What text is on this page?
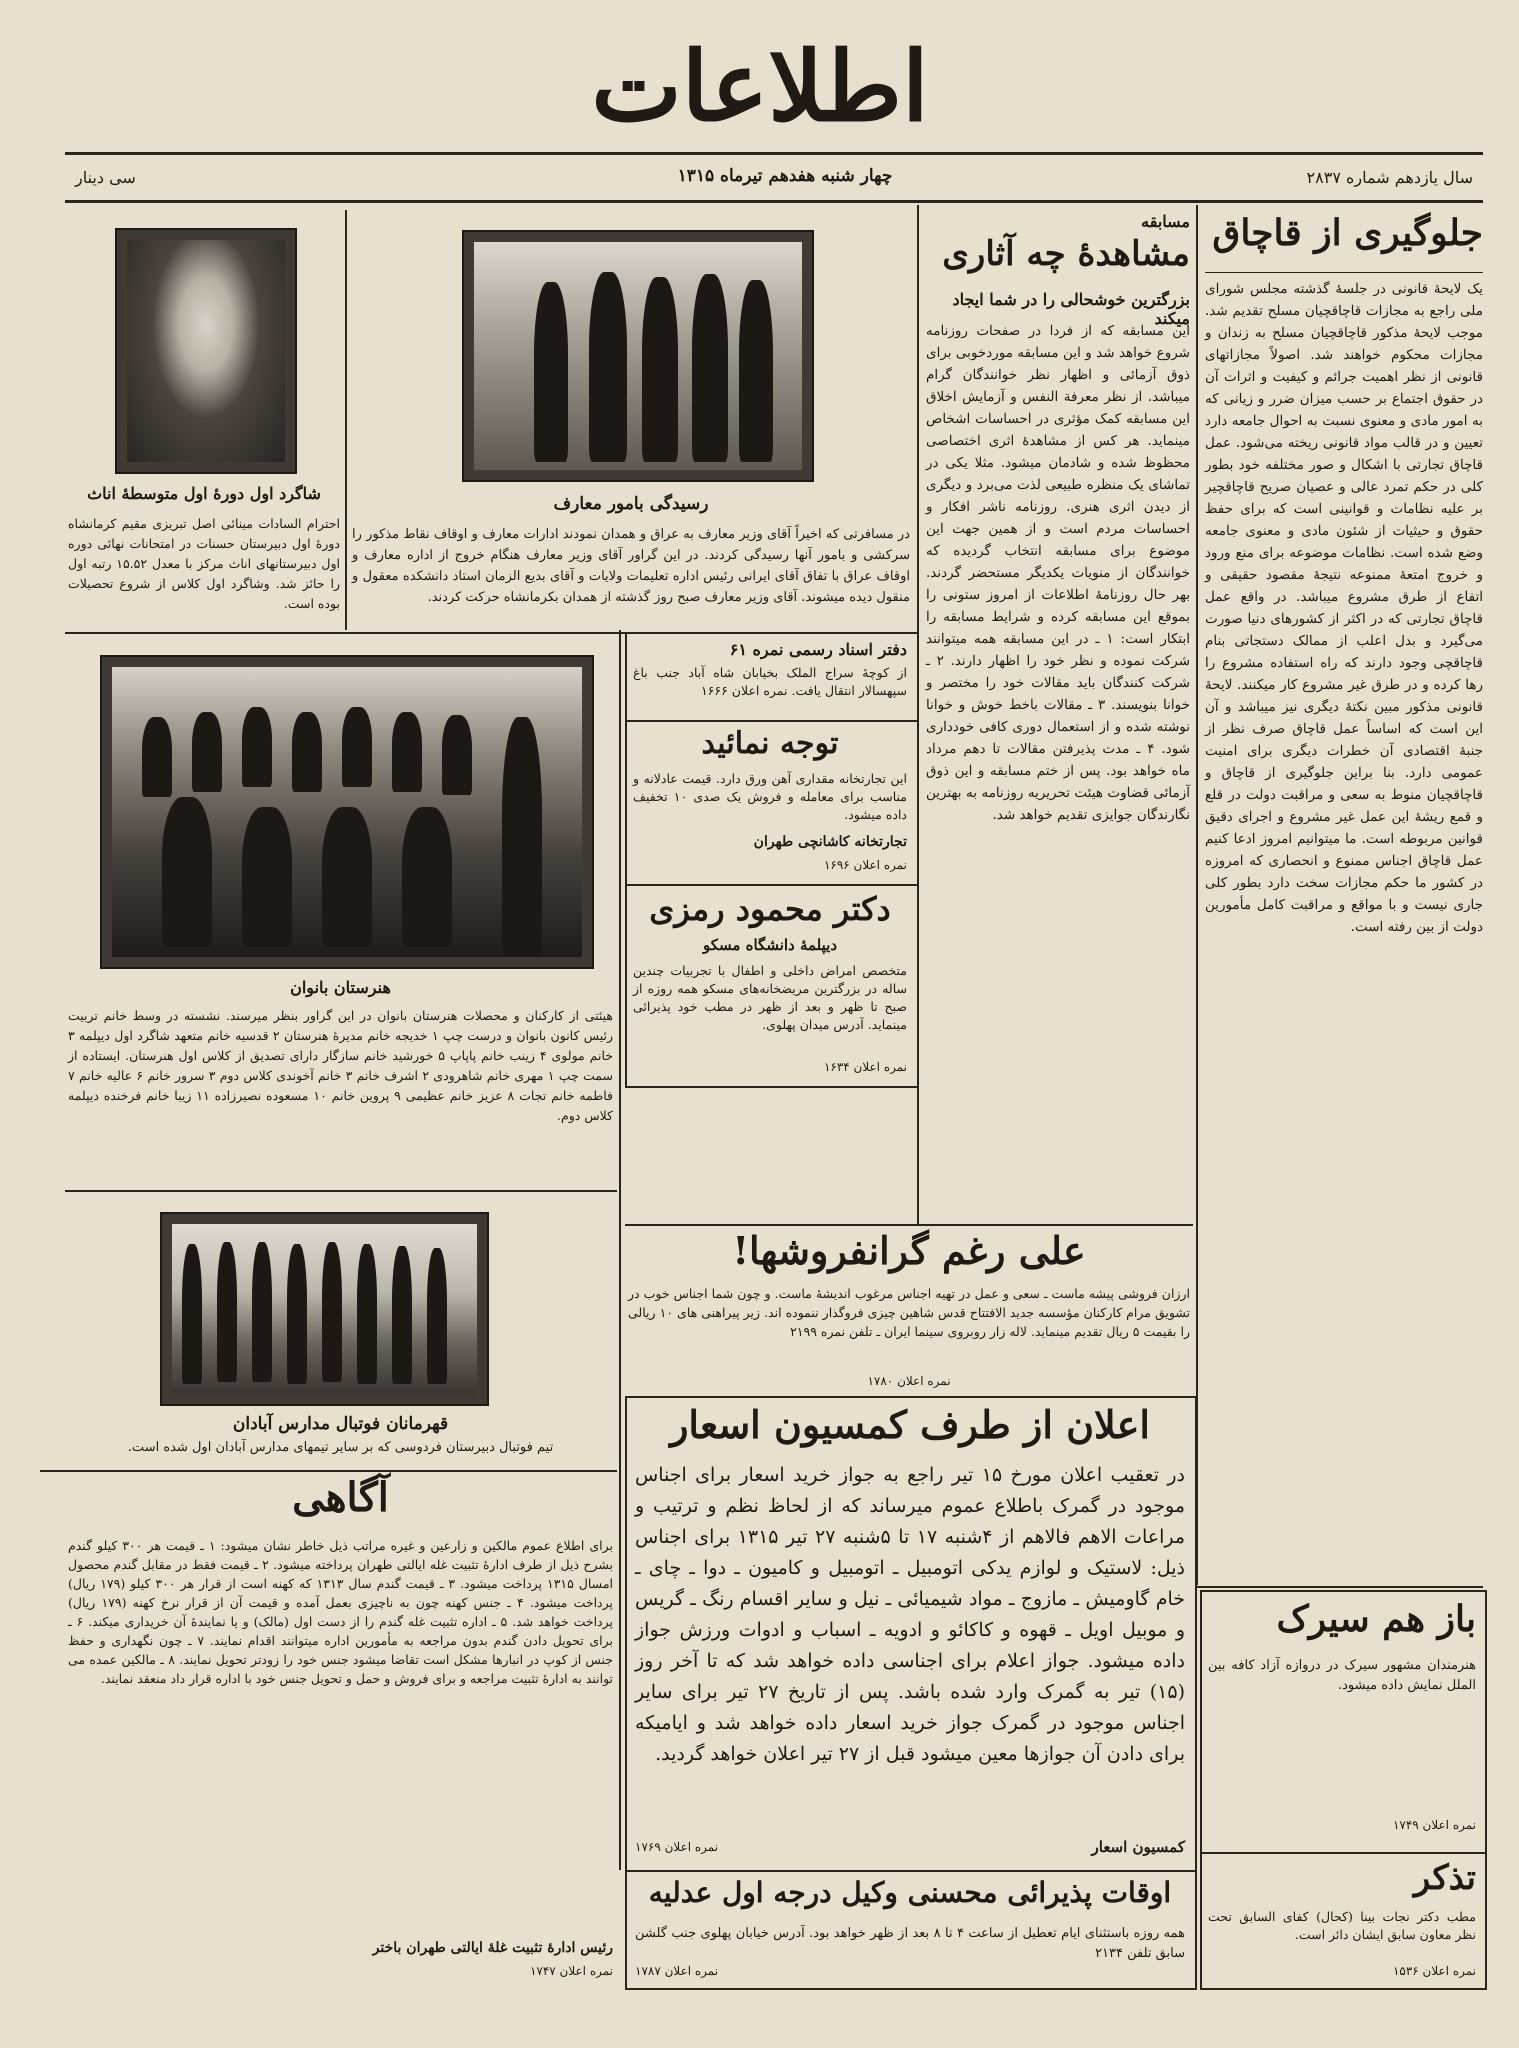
اطلاعات
سال یازدهم شماره ۲۸۳۷
چهار شنبه هفدهم تیرماه ۱۳۱۵
سی دینار
جلوگیری از قاچاق
یک لایحهٔ قانونی در جلسهٔ گذشته مجلس شورای ملی راجع به مجازات قاچاقچیان مسلح تقدیم شد. موجب لایحهٔ مذکور قاچاقچیان مسلح به زندان و مجازات محکوم خواهند شد. اصولاً مجازاتهای قانونی از نظر اهمیت جرائم و کیفیت و اثرات آن در حقوق اجتماع بر حسب میزان ضرر و زیانی که به امور مادی و معنوی نسبت به احوال جامعه دارد تعیین و در قالب مواد قانونی ریخته می‌شود. عمل قاچاق تجارتی با اشکال و صور مختلفه خود بطور کلی در حکم تمرد عالی و عصیان صریح قاچاقچیر بر علیه نظامات و قوانینی است که برای حفظ حقوق و حیثیات از شئون مادی و معنوی جامعه وضع شده است. نظامات موضوعه برای منع ورود و خروج امتعهٔ ممنوعه نتیجهٔ مقصود حقیقی و اتفاع از طرق مشروع میباشد. در واقع عمل قاچاق تجارتی که در اکثر از کشورهای دنیا صورت می‌گیرد و بدل اعلب از ممالک دستجاتی بنام قاچاقچی وجود دارند که راه استفاده مشروع را رها کرده و در طرق غیر مشروع کار میکنند. لایحهٔ قانونی مذکور مبین نکتهٔ دیگری نیز میباشد و آن این است که اساساً عمل قاچاق صرف نظر از جنبهٔ اقتصادی آن خطرات دیگری برای امنیت عمومی دارد. بنا براین جلوگیری از قاچاق و قاچاقچیان منوط به سعی و مراقبت دولت در قلع و قمع ریشهٔ این عمل غیر مشروع و اجرای دقیق قوانین مربوطه است. ما میتوانیم امروز ادعا کنیم عمل قاچاق اجناس ممنوع و انحصاری که امروزه در کشور ما حکم مجازات سخت دارد بطور کلی جاری نیست و با مواقع و مراقبت کامل مأمورین دولت از بین رفته است.
مسابقه
مشاهدهٔ چه آثاری
بزرگترین خوشحالی را در شما ایجاد میکند
این مسابقه که از فردا در صفحات روزنامه شروع خواهد شد و این مسابقه موردخوبی برای ذوق آزمائی و اظهار نظر خوانندگان گرام میباشد. از نظر معرفة النفس و آزمایش اخلاق این مسابقه کمک مؤثری در احساسات اشخاص مینماید. هر کس از مشاهدهٔ اثری اختصاصی محظوظ شده و شادمان میشود. مثلا یکی در تماشای یک منظره طبیعی لذت می‌برد و دیگری از دیدن اثری هنری. روزنامه ناشر افکار و احساسات مردم است و از همین جهت این موضوع برای مسابقه انتخاب گردیده که خوانندگان از منویات یکدیگر مستحضر گردند. بهر حال روزنامهٔ اطلاعات از امروز ستونی را بموقع این مسابقه کرده و شرایط مسابقه را ابتکار است: ۱ ـ در این مسابقه همه میتوانند شرکت نموده و نظر خود را اظهار دارند. ۲ ـ شرکت کنندگان باید مقالات خود را مختصر و خوانا بنویسند. ۳ ـ مقالات باخط خوش و خوانا نوشته شده و از استعمال دوری کافی خودداری شود. ۴ ـ مدت پذیرفتن مقالات تا دهم مرداد ماه خواهد بود. پس از ختم مسابقه و این ذوق آزمائی قضاوت هیئت تحریریه روزنامه به بهترین نگارندگان جوایزی تقدیم خواهد شد.
رسیدگی بامور معارف
در مسافرتی که اخیراً آقای وزیر معارف به عراق و همدان نمودند ادارات معارف و اوقاف نقاط مذکور را سرکشی و بامور آنها رسیدگی کردند. در این گراور آقای وزیر معارف هنگام خروج از اداره معارف و اوقاف عراق با تفاق آقای ایرانی رئیس اداره تعلیمات ولایات و آقای بدیع الزمان استاد دانشکده معقول و منقول دیده میشوند. آقای وزیر معارف صبح روز گذشته از همدان بکرمانشاه حرکت کردند.
شاگرد اول دورهٔ اول متوسطهٔ اناث
احترام السادات مینائی اصل تبریزی مقیم کرمانشاه دورهٔ اول دبیرستان حسنات در امتحانات نهائی دوره اول دبیرستانهای اناث مرکز با معدل ۱۵.۵۲ رتبه اول را حائز شد. وشاگرد اول کلاس از شروع تحصیلات بوده است.
دفتر اسناد رسمی نمره ۶۱
از کوچهٔ سراج الملک بخیابان شاه آباد جنب باغ سپهسالار انتقال یافت. نمره اعلان ۱۶۶۶
توجه نمائید
این تجارتخانه مقداری آهن ورق دارد. قیمت عادلانه و مناسب برای معامله و فروش یک صدی ۱۰ تخفیف داده میشود.
تجارتخانه کاشانچی طهران
نمره اعلان ۱۶۹۶
دکتر محمود رمزی
دیپلمهٔ دانشگاه مسکو
متخصص امراض داخلی و اطفال با تجربیات چندین ساله در بزرگترین مریضخانه‌های مسکو همه روزه از صبح تا ظهر و بعد از ظهر در مطب خود پذیرائی مینماید. آدرس میدان پهلوی.
نمره اعلان ۱۶۳۴
هنرستان بانوان
هیئتی از کارکنان و محصلات هنرستان بانوان در این گراور بنظر میرسند. نشسته در وسط خانم تربیت رئیس کانون بانوان و درست چپ ۱ خدیجه خانم مدیرهٔ هنرستان ۲ قدسیه خانم متعهد شاگرد اول دیپلمه ۳ خانم مولوی ۴ زینب خانم پاپاپ ۵ خورشید خانم سازگار دارای تصدیق از کلاس اول هنرستان. ایستاده از سمت چپ ۱ مهری خانم شاهرودی ۲ اشرف خانم ۳ خانم آخوندی کلاس دوم ۳ سرور خانم ۶ عالیه خانم ۷ فاطمه خانم تجات ۸ عزیز خانم عظیمی ۹ پروین خانم ۱۰ مسعوده نصیرزاده ۱۱ زیبا خانم فرخنده دیپلمه کلاس دوم.
قهرمانان فوتبال مدارس آبادان
تیم فوتبال دبیرستان فردوسی که بر سایر تیمهای مدارس آبادان اول شده است.
آگاهی
برای اطلاع عموم مالکین و زارعین و غیره مراتب ذیل خاطر نشان میشود: ۱ ـ قیمت هر ۳۰۰ کیلو گندم بشرح ذیل از طرف ادارهٔ تثبیت غله ایالتی طهران پرداخته میشود. ۲ ـ قیمت فقط در مقابل گندم محصول امسال ۱۳۱۵ پرداخت میشود. ۳ ـ قیمت گندم سال ۱۳۱۳ که کهنه است از قرار هر ۳۰۰ کیلو (۱۷۹ ریال) پرداخت میشود. ۴ ـ جنس کهنه چون به ناچیزی بعمل آمده و قیمت آن از قرار نرخ کهنه (۱۷۹ ریال) پرداخت خواهد شد. ۵ ـ اداره تثبیت غله گندم را از دست اول (مالک) و یا نمایندهٔ آن خریداری میکند. ۶ ـ برای تحویل دادن گندم بدون مراجعه به مأمورین اداره میتوانند اقدام نمایند. ۷ ـ چون نگهداری و حفظ جنس از کوپ در انبارها مشکل است تقاضا میشود جنس خود را زودتر تحویل نمایند. ۸ ـ مالکین عمده می توانند به ادارهٔ تثبیت مراجعه و برای فروش و حمل و تحویل جنس خود با اداره قرار داد منعقد نمایند.
رئیس ادارهٔ تثبیت غلهٔ ایالتی طهران باختر
نمره اعلان ۱۷۴۷
علی رغم گرانفروشها!
ارزان فروشی پیشه ماست ـ سعی و عمل در تهیه اجناس مرغوب اندیشهٔ ماست. و چون شما اجناس خوب در تشویق مرام کارکنان مؤسسه جدید الافتتاح قدس شاهین چیزی فروگذار ننموده اند. زیر پیراهنی های ۱۰ ریالی را بقیمت ۵ ریال تقدیم مینماید. لاله زار روبروی سینما ایران ـ تلفن نمره ۲۱۹۹
نمره اعلان ۱۷۸۰
اعلان از طرف کمسیون اسعار
در تعقیب اعلان مورخ ۱۵ تیر راجع به جواز خرید اسعار برای اجناس موجود در گمرک باطلاع عموم میرساند که از لحاظ نظم و ترتیب و مراعات الاهم فالاهم از ۴شنبه ۱۷ تا ۵شنبه ۲۷ تیر ۱۳۱۵ برای اجناس ذیل: لاستیک و لوازم یدکی اتومبیل ـ اتومبیل و کامیون ـ دوا ـ چای ـ خام گاومیش ـ مازوج ـ مواد شیمیائی ـ نیل و سایر اقسام رنگ ـ گریس و موبیل اویل ـ قهوه و کاکائو و ادویه ـ اسباب و ادوات ورزش جواز داده میشود. جواز اعلام برای اجناسی داده خواهد شد که تا آخر روز (۱۵) تیر به گمرک وارد شده باشد. پس از تاریخ ۲۷ تیر برای سایر اجناس موجود در گمرک جواز خرید اسعار داده خواهد شد و ایامیکه برای دادن آن جوازها معین میشود قبل از ۲۷ تیر اعلان خواهد گردید.
کمسیون اسعار
نمره اعلان ۱۷۶۹
اوقات پذیرائی محسنی وکیل درجه اول عدلیه
همه روزه باستثنای ایام تعطیل از ساعت ۴ تا ۸ بعد از ظهر خواهد بود. آدرس خیابان پهلوی جنب گلشن سابق تلفن ۲۱۳۴
نمره اعلان ۱۷۸۷
باز هم سیرک
هنرمندان مشهور سیرک در دروازه آزاد کافه بین الملل نمایش داده میشود.
نمره اعلان ۱۷۴۹
تذکر
مطب دکتر نجات بینا (کحال) کفای السابق تحت نظر معاون سابق ایشان دائر است.
نمره اعلان ۱۵۳۶
